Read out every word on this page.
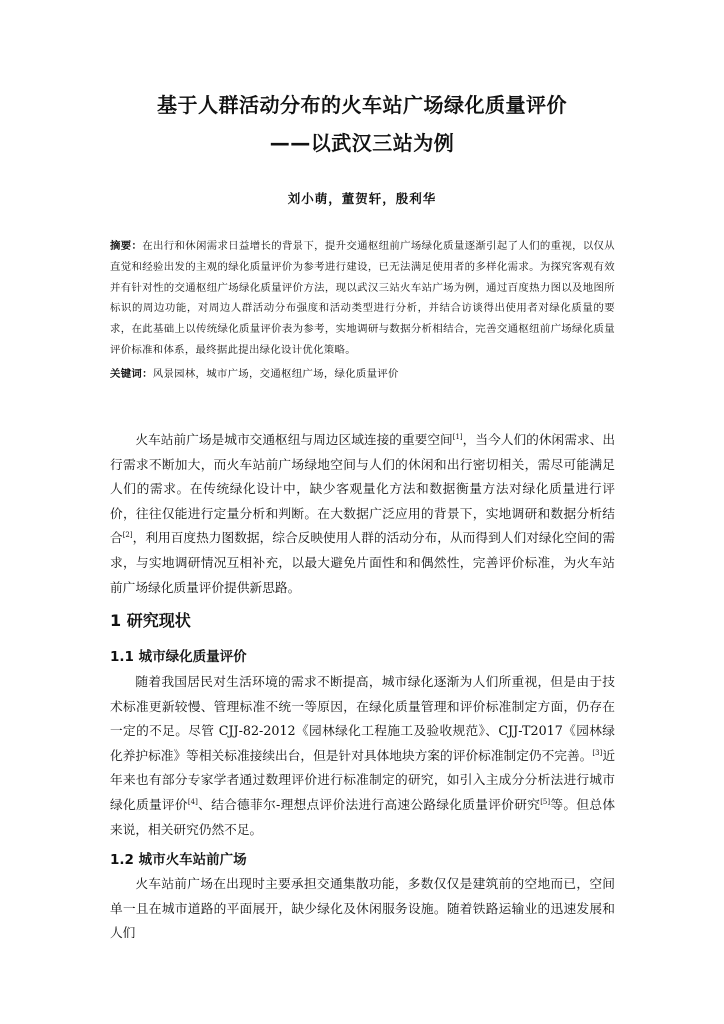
基于人群活动分布的火车站广场绿化质量评价
——以武汉三站为例
刘小萌，董贺轩，殷利华
摘要：在出行和休闲需求日益增长的背景下，提升交通枢纽前广场绿化质量逐渐引起了人们的重视，以仅从直觉和经验出发的主观的绿化质量评价为参考进行建设，已无法满足使用者的多样化需求。为探究客观有效并有针对性的交通枢纽广场绿化质量评价方法，现以武汉三站火车站广场为例，通过百度热力图以及地图所标识的周边功能，对周边人群活动分布强度和活动类型进行分析，并结合访谈得出使用者对绿化质量的要求，在此基础上以传统绿化质量评价表为参考，实地调研与数据分析相结合，完善交通枢纽前广场绿化质量评价标准和体系，最终据此提出绿化设计优化策略。
关键词：风景园林，城市广场，交通枢纽广场，绿化质量评价

火车站前广场是城市交通枢纽与周边区域连接的重要空间[1]，当今人们的休闲需求、出行需求不断加大，而火车站前广场绿地空间与人们的休闲和出行密切相关，需尽可能满足人们的需求。在传统绿化设计中，缺少客观量化方法和数据衡量方法对绿化质量进行评价，往往仅能进行定量分析和判断。在大数据广泛应用的背景下，实地调研和数据分析结合[2]，利用百度热力图数据，综合反映使用人群的活动分布，从而得到人们对绿化空间的需求，与实地调研情况互相补充，以最大避免片面性和和偶然性，完善评价标准，为火车站前广场绿化质量评价提供新思路。

1 研究现状
1.1 城市绿化质量评价

随着我国居民对生活环境的需求不断提高，城市绿化逐渐为人们所重视，但是由于技术标准更新较慢、管理标准不统一等原因，在绿化质量管理和评价标准制定方面，仍存在一定的不足。尽管 CJJ-82-2012《园林绿化工程施工及验收规范》、CJJ-T2017《园林绿化养护标准》等相关标准接续出台，但是针对具体地块方案的评价标准制定仍不完善。[3]近年来也有部分专家学者通过数理评价进行标准制定的研究，如引入主成分分析法进行城市绿化质量评价[4]、结合德菲尔-理想点评价法进行高速公路绿化质量评价研究[5]等。但总体来说，相关研究仍然不足。

1.2 城市火车站前广场

火车站前广场在出现时主要承担交通集散功能，多数仅仅是建筑前的空地而已，空间单一且在城市道路的平面展开，缺少绿化及休闲服务设施。随着铁路运输业的迅速发展和人们
